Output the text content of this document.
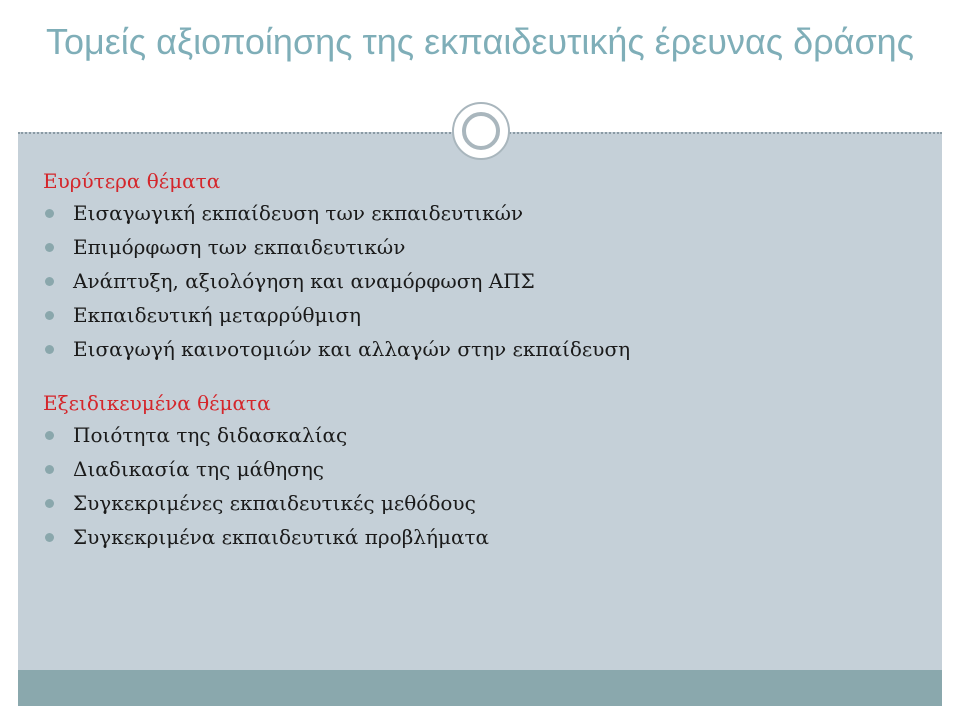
Τομείς αξιοποίησης της εκπαιδευτικής έρευνας δράσης

Ευρύτερα θέματα

Εισαγωγική εκπαίδευση των εκπαιδευτικών
Επιμόρφωση των εκπαιδευτικών
Ανάπτυξη, αξιολόγηση και αναμόρφωση ΑΠΣ
Εκπαιδευτική μεταρρύθμιση
Εισαγωγή καινοτομιών και αλλαγών στην εκπαίδευση

Εξειδικευμένα θέματα

Ποιότητα της διδασκαλίας
Διαδικασία της μάθησης
Συγκεκριμένες εκπαιδευτικές μεθόδους
Συγκεκριμένα εκπαιδευτικά προβλήματα
